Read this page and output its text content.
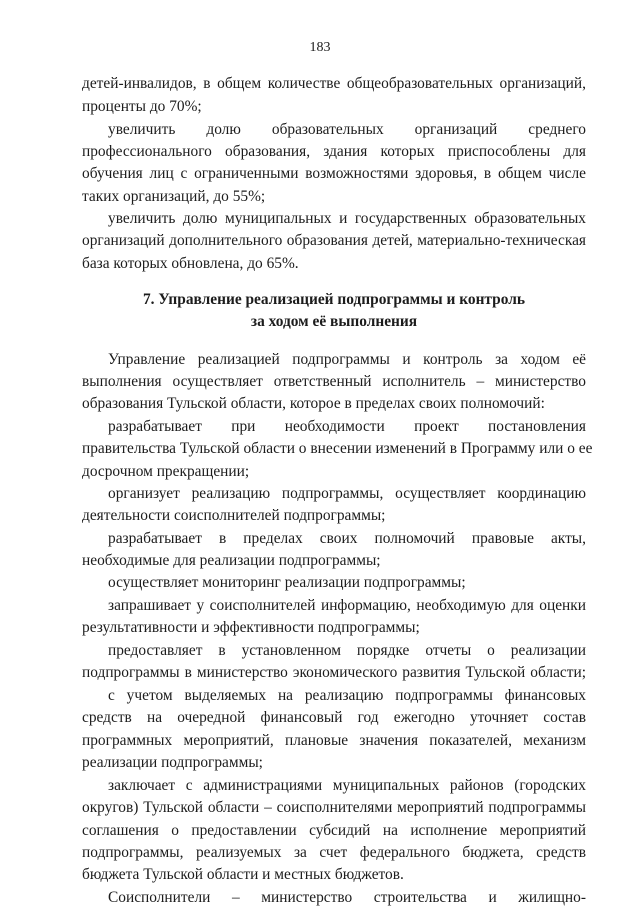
183
детей-инвалидов, в общем количестве общеобразовательных организаций,
проценты до 70%;
увеличить долю образовательных организаций среднего
профессионального образования, здания которых приспособлены для
обучения лиц с ограниченными возможностями здоровья, в общем числе
таких организаций, до 55%;
увеличить долю муниципальных и государственных образовательных
организаций дополнительного образования детей, материально-техническая
база которых обновлена, до 65%.
7. Управление реализацией подпрограммы и контроль
за ходом её выполнения
Управление реализацией подпрограммы и контроль за ходом её
выполнения осуществляет ответственный исполнитель – министерство
образования Тульской области, которое в пределах своих полномочий:
разрабатывает при необходимости проект постановления
правительства Тульской области о внесении изменений в Программу или о ее
досрочном прекращении;
организует реализацию подпрограммы, осуществляет координацию
деятельности соисполнителей подпрограммы;
разрабатывает в пределах своих полномочий правовые акты,
необходимые для реализации подпрограммы;
осуществляет мониторинг реализации подпрограммы;
запрашивает у соисполнителей информацию, необходимую для оценки
результативности и эффективности подпрограммы;
предоставляет в установленном порядке отчеты о реализации
подпрограммы в министерство экономического развития Тульской области;
с учетом выделяемых на реализацию подпрограммы финансовых
средств на очередной финансовый год ежегодно уточняет состав
программных мероприятий, плановые значения показателей, механизм
реализации подпрограммы;
заключает с администрациями муниципальных районов (городских
округов) Тульской области – соисполнителями мероприятий подпрограммы
соглашения о предоставлении субсидий на исполнение мероприятий
подпрограммы, реализуемых за счет федерального бюджета, средств
бюджета Тульской области и местных бюджетов.
Соисполнители – министерство строительства и жилищно-
